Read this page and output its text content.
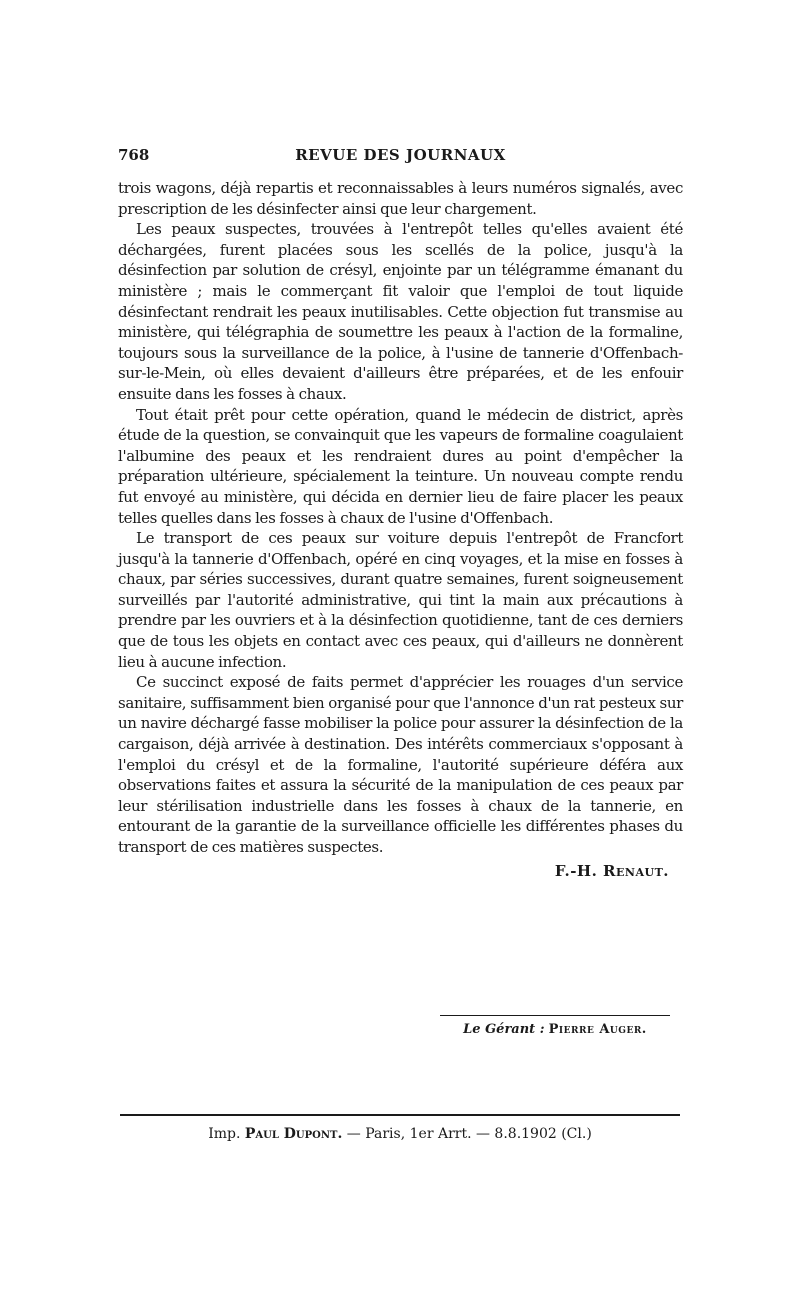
768	REVUE DES JOURNAUX

trois wagons, déjà repartis et reconnaissables à leurs numéros signalés, avec prescription de les désinfecter ainsi que leur chargement.

Les peaux suspectes, trouvées à l'entrepôt telles qu'elles avaient été déchargées, furent placées sous les scellés de la police, jusqu'à la désinfection par solution de crésyl, enjointe par un télégramme émanant du ministère ; mais le commerçant fit valoir que l'emploi de tout liquide désinfectant rendrait les peaux inutilisables. Cette objection fut transmise au ministère, qui télégraphia de soumettre les peaux à l'action de la formaline, toujours sous la surveillance de la police, à l'usine de tannerie d'Offenbach-sur-le-Mein, où elles devaient d'ailleurs être préparées, et de les enfouir ensuite dans les fosses à chaux.

Tout était prêt pour cette opération, quand le médecin de district, après étude de la question, se convainquit que les vapeurs de formaline coagulaient l'albumine des peaux et les rendraient dures au point d'empêcher la préparation ultérieure, spécialement la teinture. Un nouveau compte rendu fut envoyé au ministère, qui décida en dernier lieu de faire placer les peaux telles quelles dans les fosses à chaux de l'usine d'Offenbach.

Le transport de ces peaux sur voiture depuis l'entrepôt de Francfort jusqu'à la tannerie d'Offenbach, opéré en cinq voyages, et la mise en fosses à chaux, par séries successives, durant quatre semaines, furent soigneusement surveillés par l'autorité administrative, qui tint la main aux précautions à prendre par les ouvriers et à la désinfection quotidienne, tant de ces derniers que de tous les objets en contact avec ces peaux, qui d'ailleurs ne donnèrent lieu à aucune infection.

Ce succinct exposé de faits permet d'apprécier les rouages d'un service sanitaire, suffisamment bien organisé pour que l'annonce d'un rat pesteux sur un navire déchargé fasse mobiliser la police pour assurer la désinfection de la cargaison, déjà arrivée à destination. Des intérêts commerciaux s'opposant à l'emploi du crésyl et de la formaline, l'autorité supérieure déféra aux observations faites et assura la sécurité de la manipulation de ces peaux par leur stérilisation industrielle dans les fosses à chaux de la tannerie, en entourant de la garantie de la surveillance officielle les différentes phases du transport de ces matières suspectes.

F.-H. Renaut.
Le Gérant : Pierre Auger.
Imp. Paul Dupont. — Paris, 1er Arrt. — 8.8.1902 (Cl.)
